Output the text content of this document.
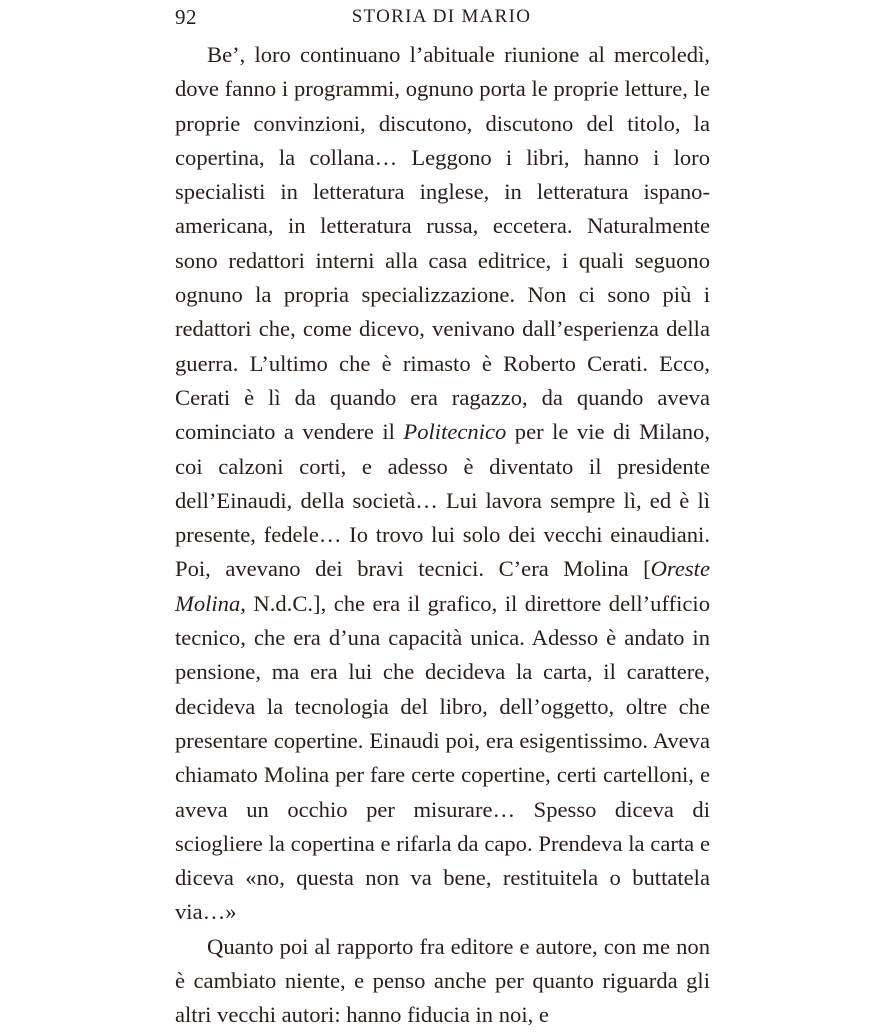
92	STORIA DI MARIO

Be’, loro continuano l’abituale riunione al mercoledì, dove fanno i programmi, ognuno porta le proprie letture, le proprie convinzioni, discutono, discutono del titolo, la copertina, la collana… Leggono i libri, hanno i loro specialisti in letteratura inglese, in letteratura ispano-americana, in letteratura russa, eccetera. Naturalmente sono redattori interni alla casa editrice, i quali seguono ognuno la propria specializzazione. Non ci sono più i redattori che, come dicevo, venivano dall’esperienza della guerra. L’ultimo che è rimasto è Roberto Cerati. Ecco, Cerati è lì da quando era ragazzo, da quando aveva cominciato a vendere il Politecnico per le vie di Milano, coi calzoni corti, e adesso è diventato il presidente dell’Einaudi, della società… Lui lavora sempre lì, ed è lì presente, fedele… Io trovo lui solo dei vecchi einaudiani. Poi, avevano dei bravi tecnici. C’era Molina [Oreste Molina, N.d.C.], che era il grafico, il direttore dell’ufficio tecnico, che era d’una capacità unica. Adesso è andato in pensione, ma era lui che decideva la carta, il carattere, decideva la tecnologia del libro, dell’oggetto, oltre che presentare copertine. Einaudi poi, era esigentissimo. Aveva chiamato Molina per fare certe copertine, certi cartelloni, e aveva un occhio per misurare… Spesso diceva di sciogliere la copertina e rifarla da capo. Prendeva la carta e diceva «no, questa non va bene, restituitela o buttatela via…»

Quanto poi al rapporto fra editore e autore, con me non è cambiato niente, e penso anche per quanto riguarda gli altri vecchi autori: hanno fiducia in noi, e
